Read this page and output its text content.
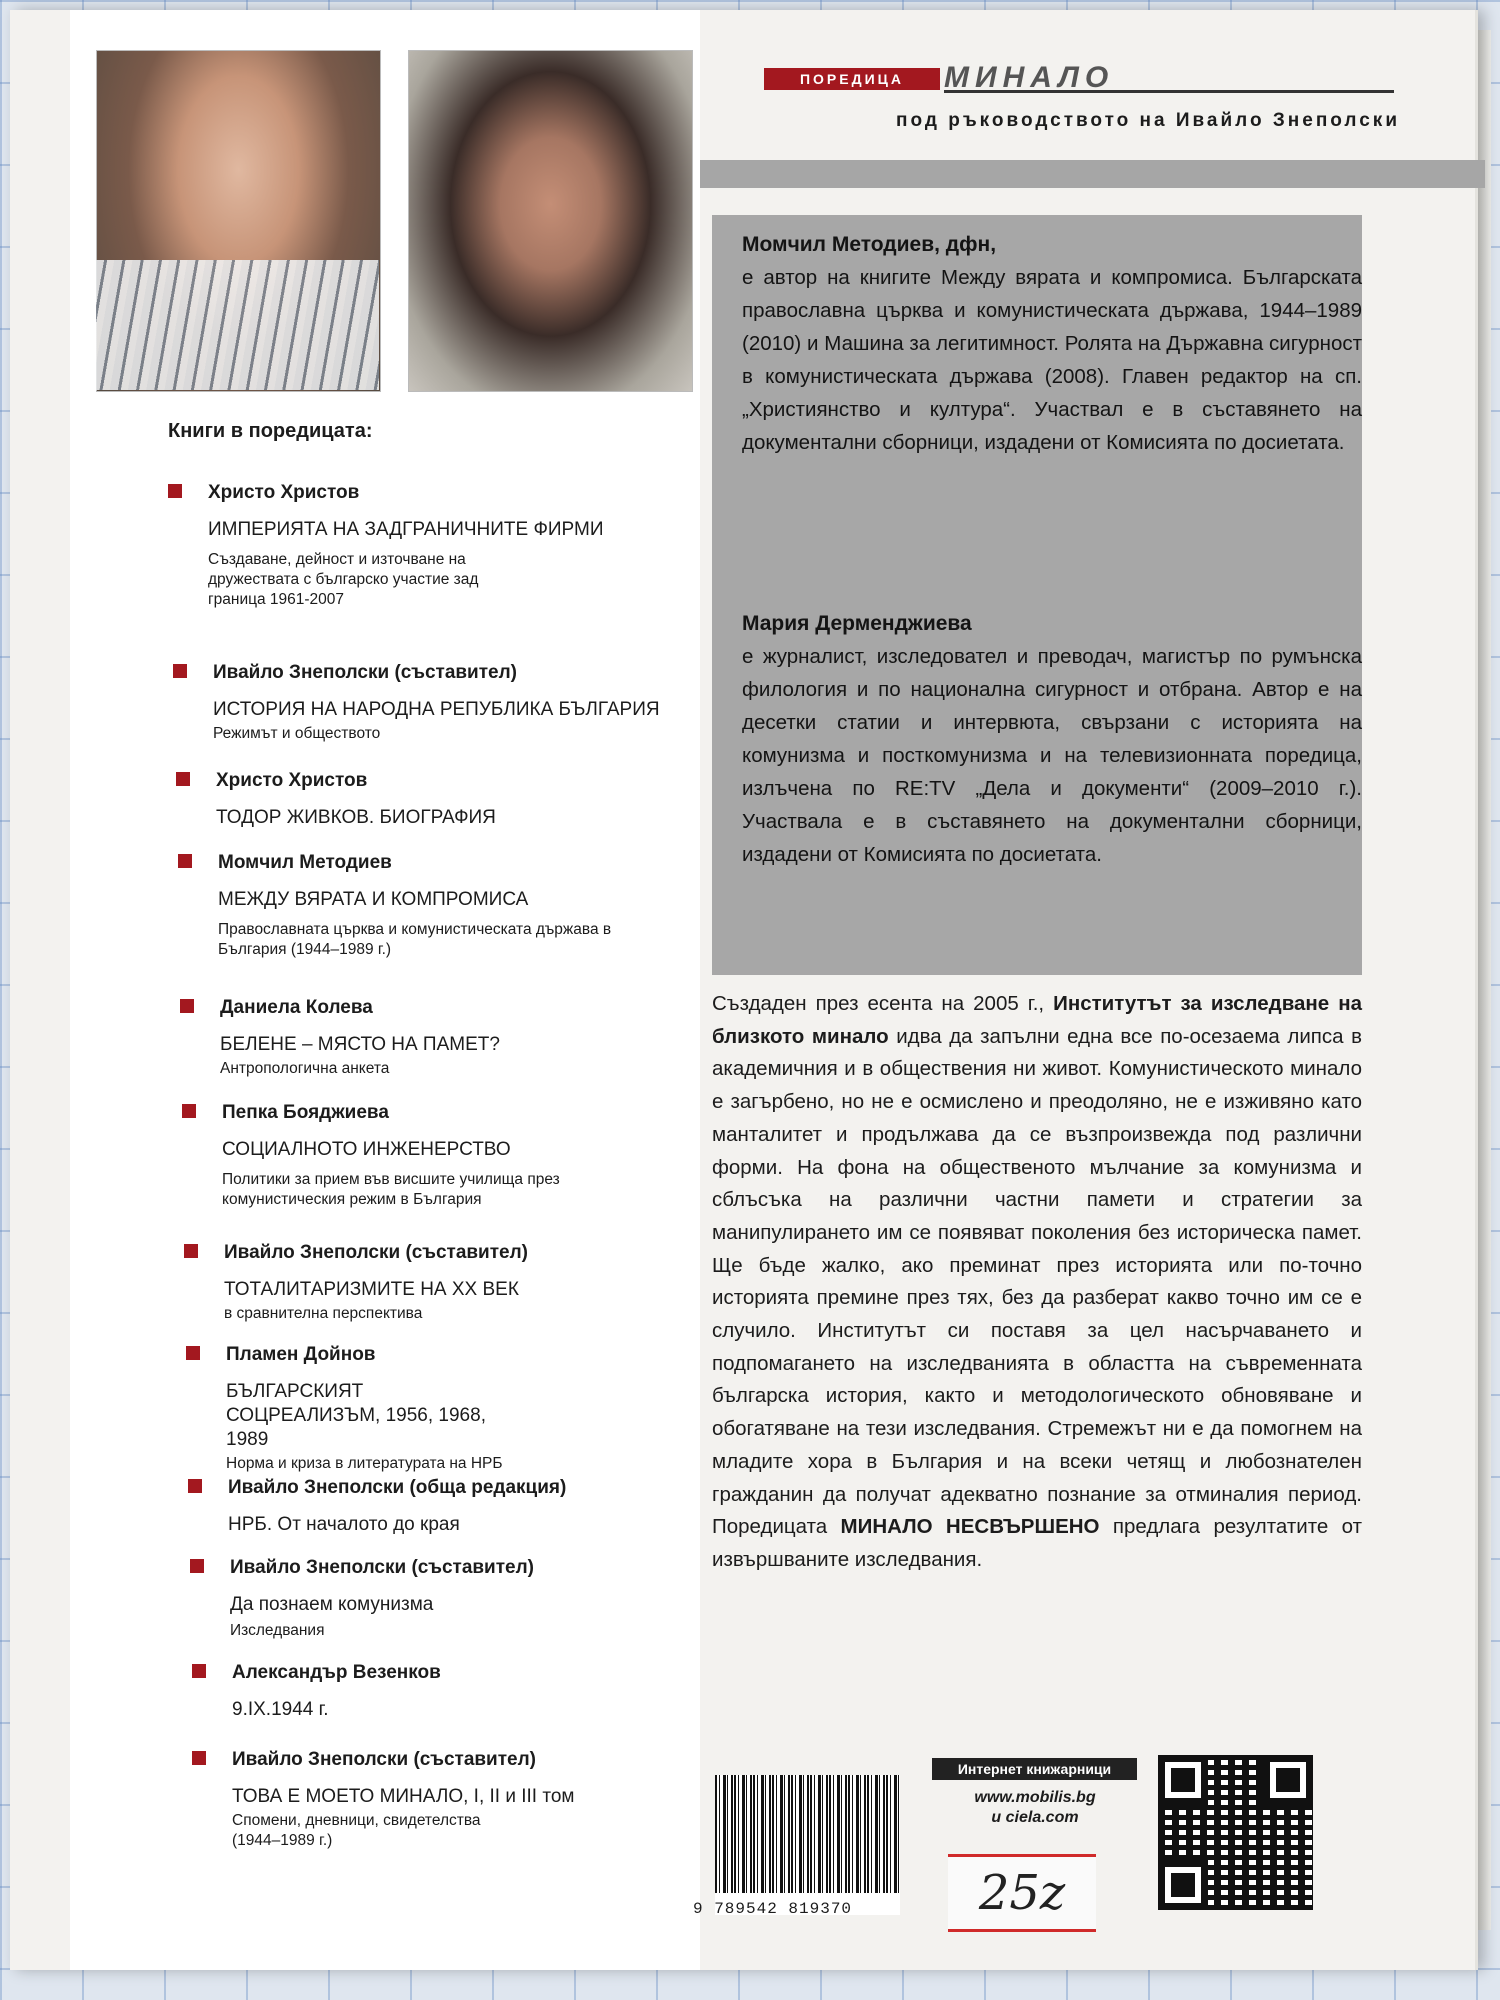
ПОРЕДИЦА	МИНАЛО
под ръководството на Ивайло Знеполски
Момчил Методиев, дфн,
е автор на книгите Между вярата и компромиса. Българската православна църква и комунистическата държава, 1944–1989 (2010) и Машина за легитимност. Ролята на Държавна сигурност в комунистическата държава (2008). Главен редактор на сп. „Християнство и култура“. Участвал е в съставянето на документални сборници, издадени от Комисията по досиетата.
Мария Дерменджиева
е журналист, изследовател и преводач, магистър по румънска филология и по национална сигурност и отбрана. Автор е на десетки статии и интервюта, свързани с историята на комунизма и посткомунизма и на телевизионната поредица, излъчена по RE:TV „Дела и документи“ (2009–2010 г.). Участвала е в съставянето на документални сборници, издадени от Комисията по досиетата.
Създаден през есента на 2005 г., Институтът за изследване на близкото минало идва да запълни една все по-осезаема липса в академичния и в обществения ни живот. Комунистическото минало е загърбено, но не е осмислено и преодоляно, не е изживяно като манталитет и продължава да се възпроизвежда под различни форми. На фона на общественото мълчание за комунизма и сблъсъка на различни частни памети и стратегии за манипулирането им се появяват поколения без историческа памет. Ще бъде жалко, ако преминат през историята или по-точно историята премине през тях, без да разберат какво точно им се е случило. Институтът си поставя за цел насърчаването и подпомагането на изследванията в областта на съвременната българска история, както и методологическото обновяване и обогатяване на тези изследвания. Стремежът ни е да помогнем на младите хора в България и на всеки четящ и любознателен гражданин да получат адекватно познание за отминалия период. Поредицата МИНАЛО НЕСВЪРШЕНО предлага резултатите от извършваните изследвания.
Книги в поредицата:
Христо Христов
ИМПЕРИЯТА НА ЗАДГРАНИЧНИТЕ ФИРМИ
Създаване, дейност и източване на дружествата с българско участие зад граница 1961-2007
Ивайло Знеполски (съставител)
ИСТОРИЯ НА НАРОДНА РЕПУБЛИКА БЪЛГАРИЯ
Режимът и обществото
Христо Христов
ТОДОР ЖИВКОВ. БИОГРАФИЯ
Момчил Методиев
МЕЖДУ ВЯРАТА И КОМПРОМИСА
Православната църква и комунистическата държава в България (1944–1989 г.)
Даниела Колева
БЕЛЕНЕ – МЯСТО НА ПАМЕТ?
Антропологична анкета
Пепка Бояджиева
СОЦИАЛНОТО ИНЖЕНЕРСТВО
Политики за прием във висшите училища през комунистическия режим в България
Ивайло Знеполски (съставител)
ТОТАЛИТАРИЗМИТЕ НА XX ВЕК
в сравнителна перспектива
Пламен Дойнов
БЪЛГАРСКИЯТ СОЦРЕАЛИЗЪМ, 1956, 1968, 1989
Норма и криза в литературата на НРБ
Ивайло Знеполски (обща редакция)
НРБ. От началото до края
Ивайло Знеполски (съставител)
Да познаем комунизма
Изследвания
Александър Везенков
9.IX.1944 г.
Ивайло Знеполски (съставител)
ТОВА Е МОЕТО МИНАЛО, I, II и III том
Спомени, дневници, свидетелства (1944–1989 г.)
9 789542 819370
Интернет книжарници
www.mobilis.bg
и ciela.com
25z
